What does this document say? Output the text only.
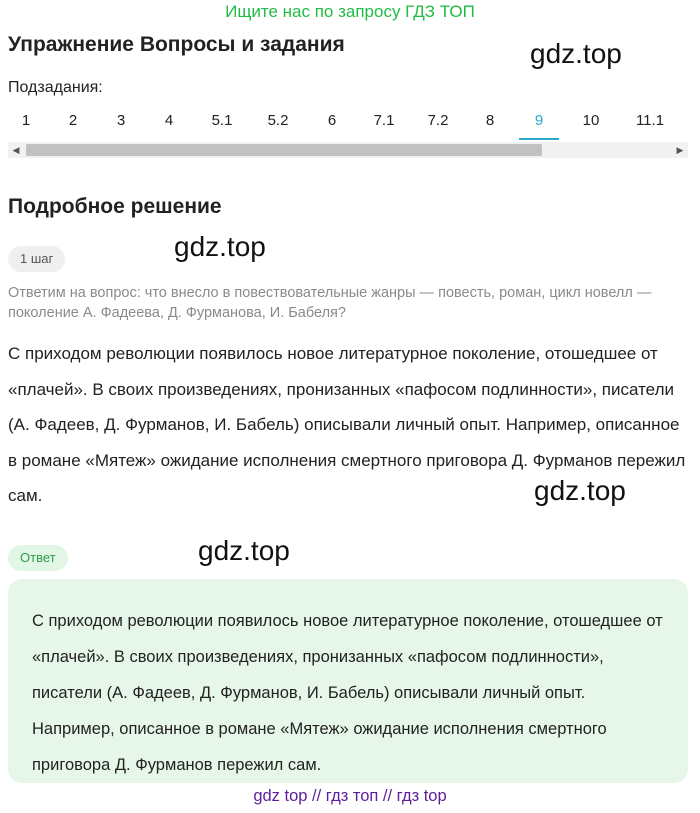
Ищите нас по запросу ГДЗ ТОП
Упражнение Вопросы и задания	gdz.top
Подзадания:
1	2	3	4	5.1	5.2	6	7.1	7.2	8	9	10	11.1
◀	▶
Подробное решение
1 шаг	gdz.top
Ответим на вопрос: что внесло в повествовательные жанры — повесть, роман, цикл новелл — поколение А. Фадеева, Д. Фурманова, И. Бабеля?
С приходом революции появилось новое литературное поколение, отошедшее от «плачей». В своих произведениях, пронизанных «пафосом подлинности», писатели (А. Фадеев, Д. Фурманов, И. Бабель) описывали личный опыт. Например, описанное в романе «Мятеж» ожидание исполнения смертного приговора Д. Фурманов пережил сам.	gdz.top
Ответ	gdz.top
С приходом революции появилось новое литературное поколение, отошедшее от «плачей». В своих произведениях, пронизанных «пафосом подлинности», писатели (А. Фадеев, Д. Фурманов, И. Бабель) описывали личный опыт. Например, описанное в романе «Мятеж» ожидание исполнения смертного приговора Д. Фурманов пережил сам.
gdz top // гдз топ // гдз top
